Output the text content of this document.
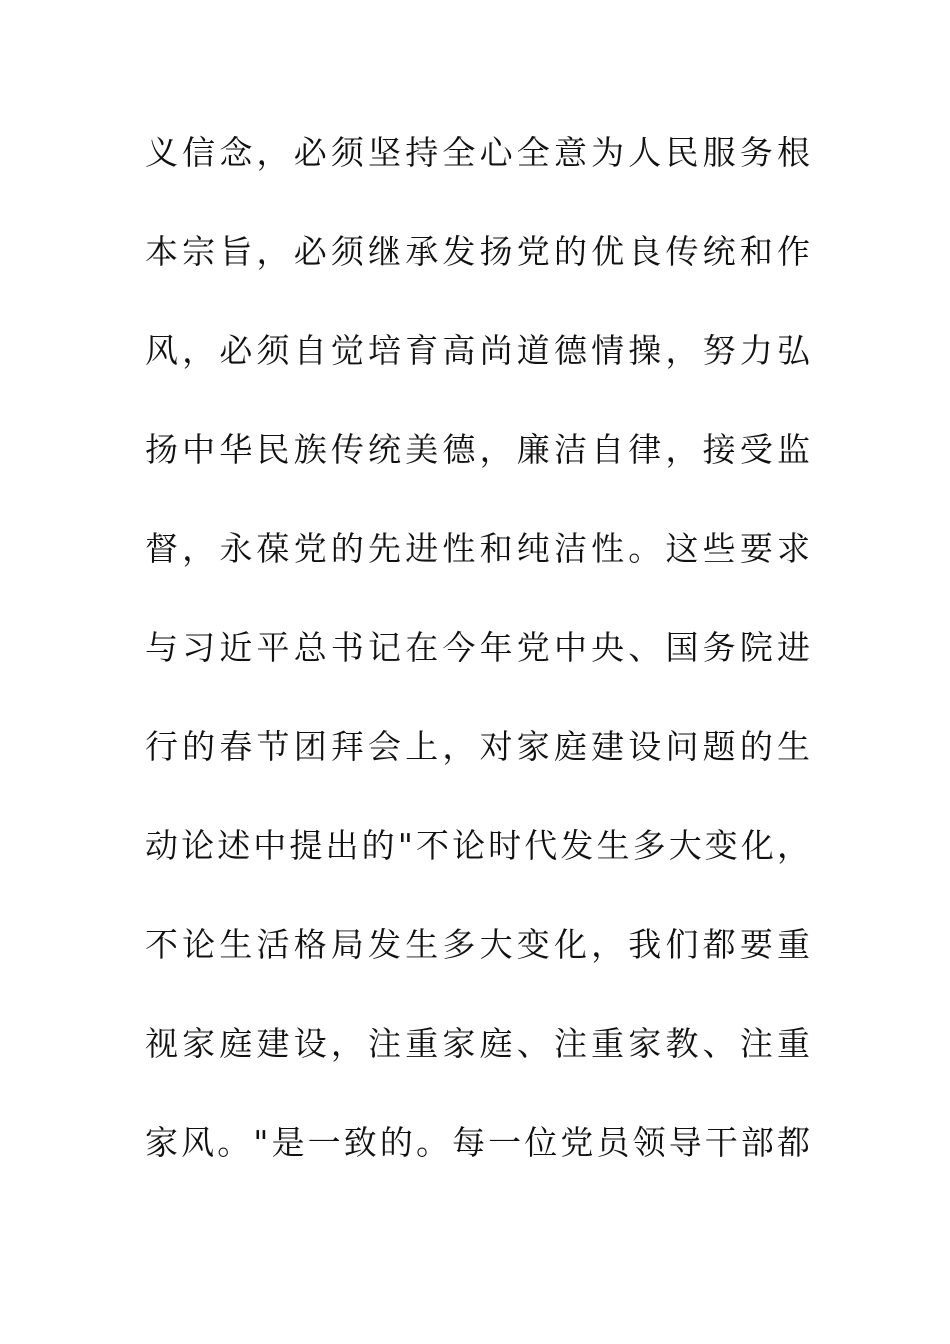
义信念，必须坚持全心全意为人民服务根
本宗旨，必须继承发扬党的优良传统和作
风，必须自觉培育高尚道德情操，努力弘
扬中华民族传统美德，廉洁自律，接受监
督，永葆党的先进性和纯洁性。这些要求
与习近平总书记在今年党中央、国务院进
行的春节团拜会上，对家庭建设问题的生
动论述中提出的"不论时代发生多大变化，
不论生活格局发生多大变化，我们都要重
视家庭建设，注重家庭、注重家教、注重
家风。"是一致的。每一位党员领导干部都
